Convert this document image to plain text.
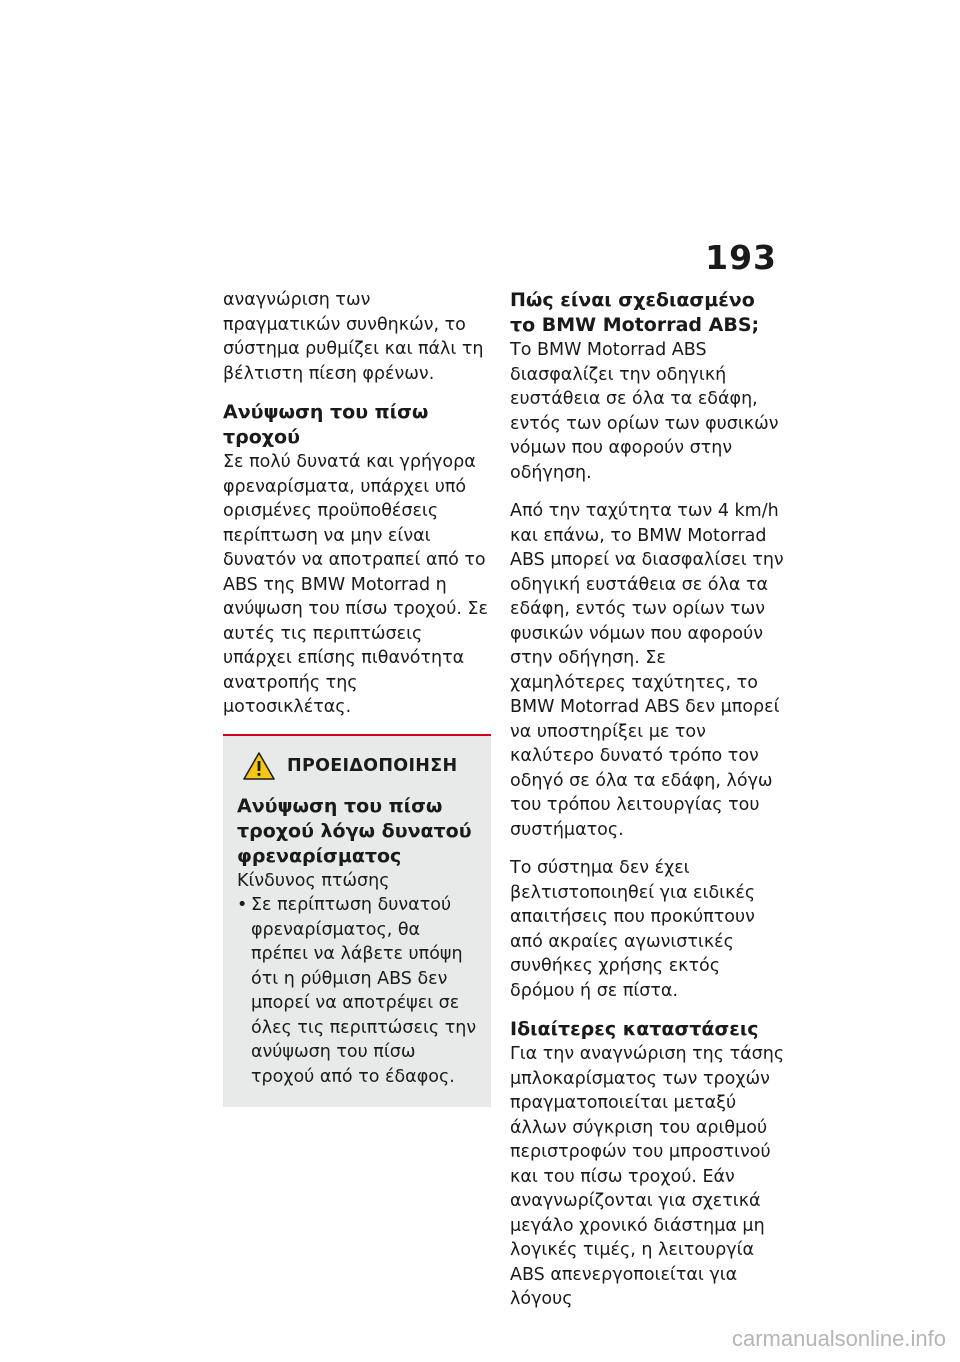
193

αναγνώριση των πραγματικών συνθηκών, το σύστημα ρυθμίζει και πάλι τη βέλτιστη πίεση φρένων.

Ανύψωση του πίσω τροχού

Σε πολύ δυνατά και γρήγορα φρεναρίσματα, υπάρχει υπό ορισμένες προϋποθέσεις περίπτωση να μην είναι δυνατόν να αποτραπεί από το ABS της BMW Motorrad η ανύψωση του πίσω τροχού. Σε αυτές τις περιπτώσεις υπάρχει επίσης πιθανότητα ανατροπής της μοτοσικλέτας.

ΠΡΟΕΙΔΟΠΟΙΗΣΗ
Ανύψωση του πίσω τροχού λόγω δυνατού φρεναρίσματος
Κίνδυνος πτώσης
• Σε περίπτωση δυνατού φρεναρίσματος, θα πρέπει να λάβετε υπόψη ότι η ρύθμιση ABS δεν μπορεί να αποτρέψει σε όλες τις περιπτώσεις την ανύψωση του πίσω τροχού από το έδαφος.
Πώς είναι σχεδιασμένο το BMW Motorrad ABS;

Το BMW Motorrad ABS διασφαλίζει την οδηγική ευστάθεια σε όλα τα εδάφη, εντός των ορίων των φυσικών νόμων που αφορούν στην οδήγηση.

Από την ταχύτητα των 4 km/h και επάνω, το BMW Motorrad ABS μπορεί να διασφαλίσει την οδηγική ευστάθεια σε όλα τα εδάφη, εντός των ορίων των φυσικών νόμων που αφορούν στην οδήγηση. Σε χαμηλότερες ταχύτητες, το BMW Motorrad ABS δεν μπορεί να υποστηρίξει με τον καλύτερο δυνατό τρόπο τον οδηγό σε όλα τα εδάφη, λόγω του τρόπου λειτουργίας του συστήματος.

Το σύστημα δεν έχει βελτιστοποιηθεί για ειδικές απαιτήσεις που προκύπτουν από ακραίες αγωνιστικές συνθήκες χρήσης εκτός δρόμου ή σε πίστα.

Ιδιαίτερες καταστάσεις

Για την αναγνώριση της τάσης μπλοκαρίσματος των τροχών πραγματοποιείται μεταξύ άλλων σύγκριση του αριθμού περιστροφών του μπροστινού και του πίσω τροχού. Εάν αναγνωρίζονται για σχετικά μεγάλο χρονικό διάστημα μη λογικές τιμές, η λειτουργία ABS απενεργοποιείται για λόγους

carmanualsonline.info
